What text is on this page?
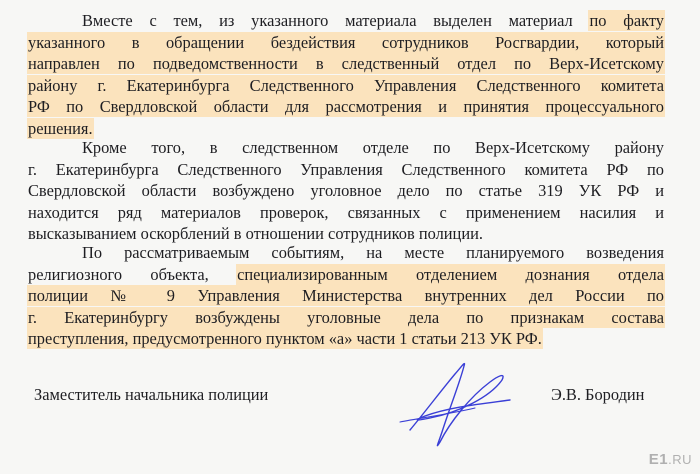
Вместе с тем, из указанного материала выделен материал по факту
указанного в обращении бездействия сотрудников Росгвардии, который
направлен по подведомственности в следственный отдел по Верх-Исетскому
району г. Екатеринбурга Следственного Управления Следственного комитета
РФ по Свердловской области для рассмотрения и принятия процессуального
решения.
Кроме того, в следственном отделе по Верх-Исетскому району
г. Екатеринбурга Следственного Управления Следственного комитета РФ по
Свердловской области возбуждено уголовное дело по статье 319 УК РФ и
находится ряд материалов проверок, связанных с применением насилия и
высказыванием оскорблений в отношении сотрудников полиции.
По рассматриваемым событиям, на месте планируемого возведения
религиозного объекта, специализированным отделением дознания отдела
полиции № 9 Управления Министерства внутренних дел России по
г. Екатеринбургу возбуждены уголовные дела по признакам состава
преступления, предусмотренного пунктом «а» части 1 статьи 213 УК РФ.
Заместитель начальника полиции	Э.В. Бородин
E1.RU
